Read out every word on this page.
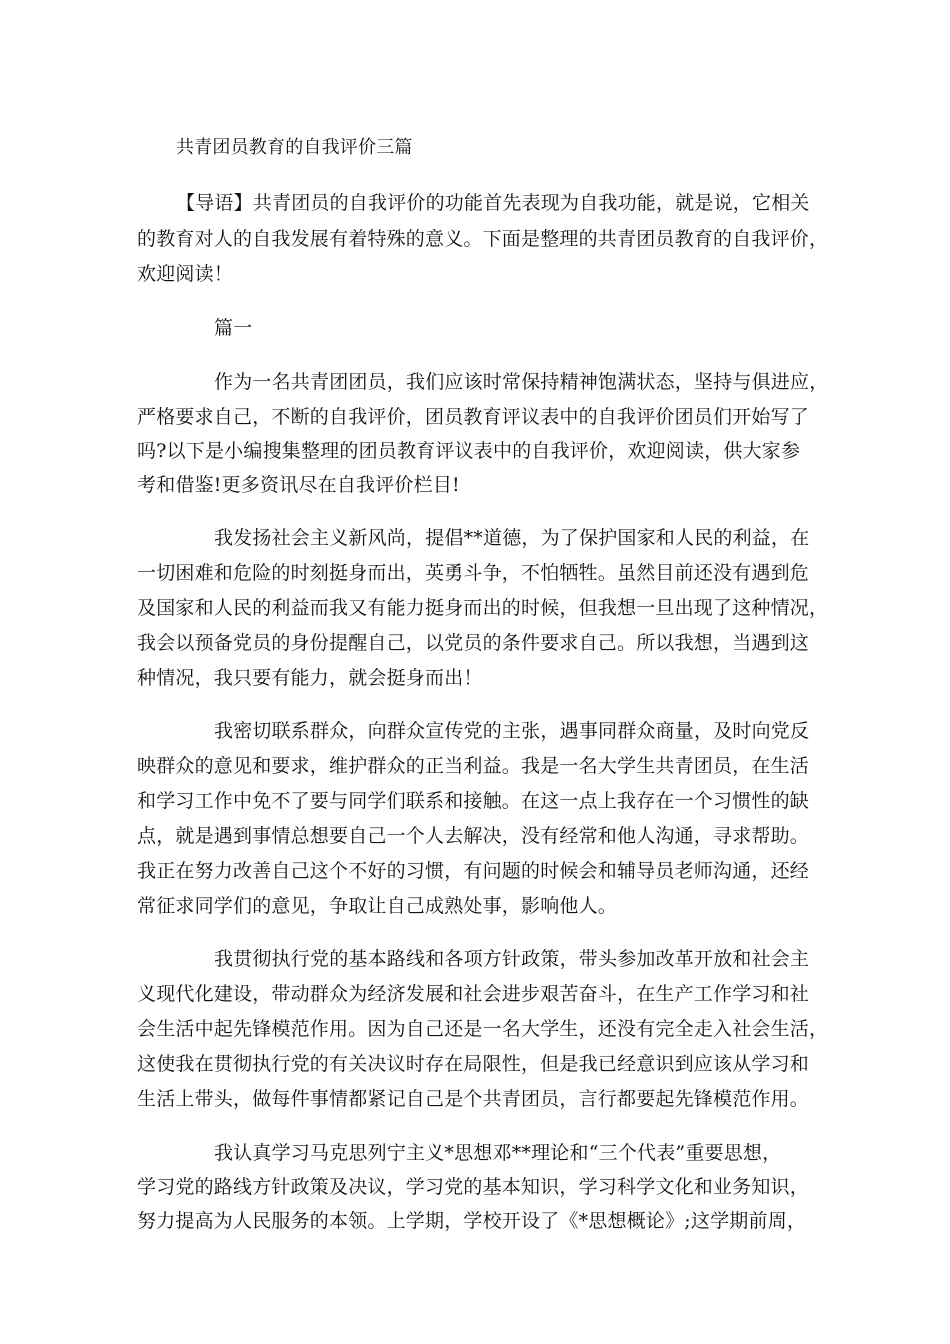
共青团员教育的自我评价三篇
【导语】共青团员的自我评价的功能首先表现为自我功能，就是说，它相关
的教育对人的自我发展有着特殊的意义。下面是整理的共青团员教育的自我评价，
欢迎阅读！
篇一
作为一名共青团团员，我们应该时常保持精神饱满状态，坚持与俱进应，
严格要求自己，不断的自我评价，团员教育评议表中的自我评价团员们开始写了
吗?以下是小编搜集整理的团员教育评议表中的自我评价，欢迎阅读，供大家参
考和借鉴!更多资讯尽在自我评价栏目!
我发扬社会主义新风尚，提倡**道德，为了保护国家和人民的利益，在
一切困难和危险的时刻挺身而出，英勇斗争，不怕牺牲。虽然目前还没有遇到危
及国家和人民的利益而我又有能力挺身而出的时候，但我想一旦出现了这种情况，
我会以预备党员的身份提醒自己，以党员的条件要求自己。所以我想，当遇到这
种情况，我只要有能力，就会挺身而出！
我密切联系群众，向群众宣传党的主张，遇事同群众商量，及时向党反
映群众的意见和要求，维护群众的正当利益。我是一名大学生共青团员，在生活
和学习工作中免不了要与同学们联系和接触。在这一点上我存在一个习惯性的缺
点，就是遇到事情总想要自己一个人去解决，没有经常和他人沟通，寻求帮助。
我正在努力改善自己这个不好的习惯，有问题的时候会和辅导员老师沟通，还经
常征求同学们的意见，争取让自己成熟处事，影响他人。
我贯彻执行党的基本路线和各项方针政策，带头参加改革开放和社会主
义现代化建设，带动群众为经济发展和社会进步艰苦奋斗，在生产工作学习和社
会生活中起先锋模范作用。因为自己还是一名大学生，还没有完全走入社会生活，
这使我在贯彻执行党的有关决议时存在局限性，但是我已经意识到应该从学习和
生活上带头，做每件事情都紧记自己是个共青团员，言行都要起先锋模范作用。
我认真学习马克思列宁主义*思想邓**理论和“三个代表”重要思想，
学习党的路线方针政策及决议，学习党的基本知识，学习科学文化和业务知识，
努力提高为人民服务的本领。上学期，学校开设了《*思想概论》;这学期前周，
